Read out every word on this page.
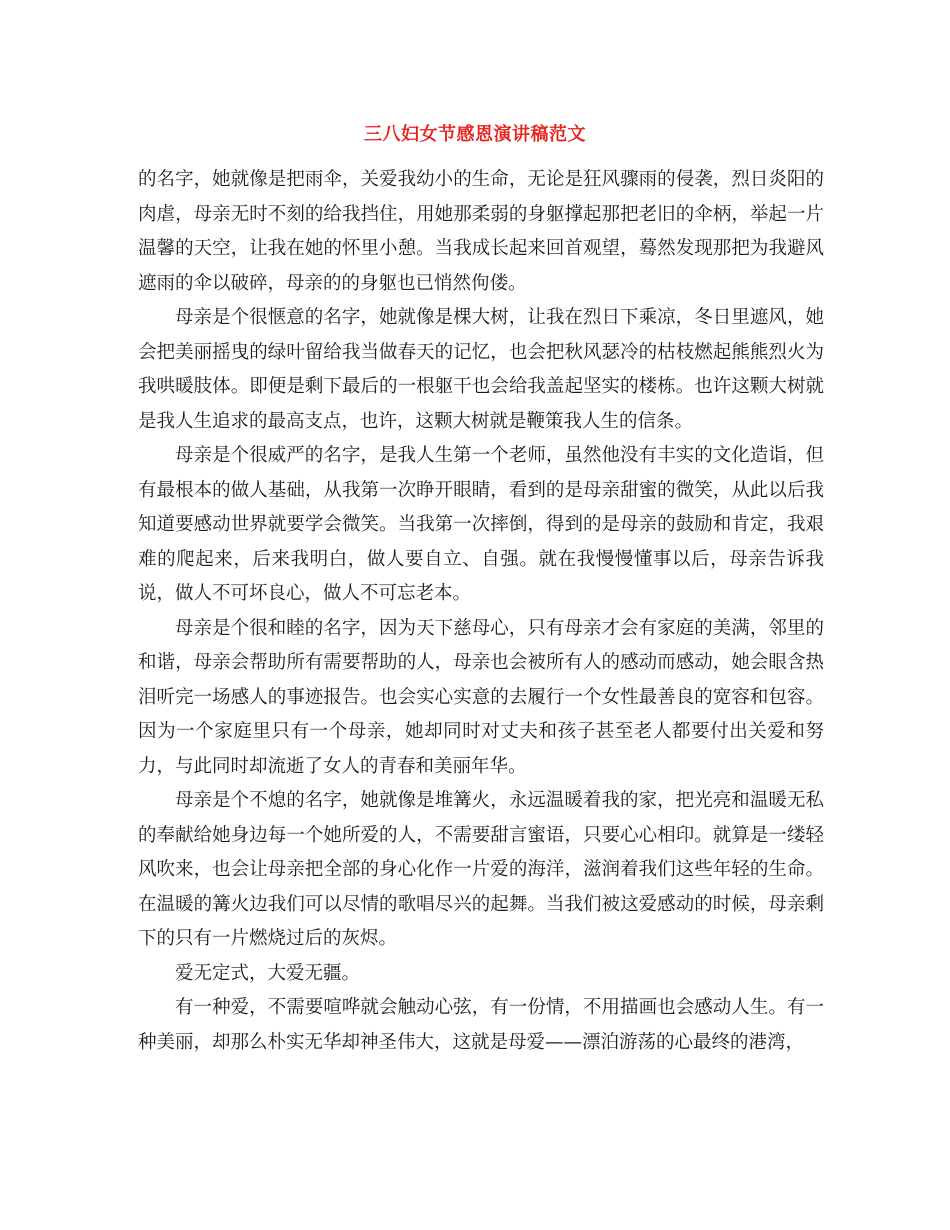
三八妇女节感恩演讲稿范文

的名字，她就像是把雨伞，关爱我幼小的生命，无论是狂风骤雨的侵袭，烈日炎阳的肉虐，母亲无时不刻的给我挡住，用她那柔弱的身躯撑起那把老旧的伞柄，举起一片温馨的天空，让我在她的怀里小憩。当我成长起来回首观望，蓦然发现那把为我避风遮雨的伞以破碎，母亲的的身躯也已悄然佝偻。

母亲是个很惬意的名字，她就像是棵大树，让我在烈日下乘凉，冬日里遮风，她会把美丽摇曳的绿叶留给我当做春天的记忆，也会把秋风瑟冷的枯枝燃起熊熊烈火为我哄暖肢体。即便是剩下最后的一根躯干也会给我盖起坚实的楼栋。也许这颗大树就是我人生追求的最高支点，也许，这颗大树就是鞭策我人生的信条。

母亲是个很威严的名字，是我人生第一个老师，虽然他没有丰实的文化造诣，但有最根本的做人基础，从我第一次睁开眼睛，看到的是母亲甜蜜的微笑，从此以后我知道要感动世界就要学会微笑。当我第一次摔倒，得到的是母亲的鼓励和肯定，我艰难的爬起来，后来我明白，做人要自立、自强。就在我慢慢懂事以后，母亲告诉我说，做人不可坏良心，做人不可忘老本。

母亲是个很和睦的名字，因为天下慈母心，只有母亲才会有家庭的美满，邻里的和谐，母亲会帮助所有需要帮助的人，母亲也会被所有人的感动而感动，她会眼含热泪听完一场感人的事迹报告。也会实心实意的去履行一个女性最善良的宽容和包容。因为一个家庭里只有一个母亲，她却同时对丈夫和孩子甚至老人都要付出关爱和努力，与此同时却流逝了女人的青春和美丽年华。

母亲是个不熄的名字，她就像是堆篝火，永远温暖着我的家，把光亮和温暖无私的奉献给她身边每一个她所爱的人，不需要甜言蜜语，只要心心相印。就算是一缕轻风吹来，也会让母亲把全部的身心化作一片爱的海洋，滋润着我们这些年轻的生命。在温暖的篝火边我们可以尽情的歌唱尽兴的起舞。当我们被这爱感动的时候，母亲剩下的只有一片燃烧过后的灰烬。

爱无定式，大爱无疆。

有一种爱，不需要喧哗就会触动心弦，有一份情，不用描画也会感动人生。有一种美丽，却那么朴实无华却神圣伟大，这就是母爱——漂泊游荡的心最终的港湾，
